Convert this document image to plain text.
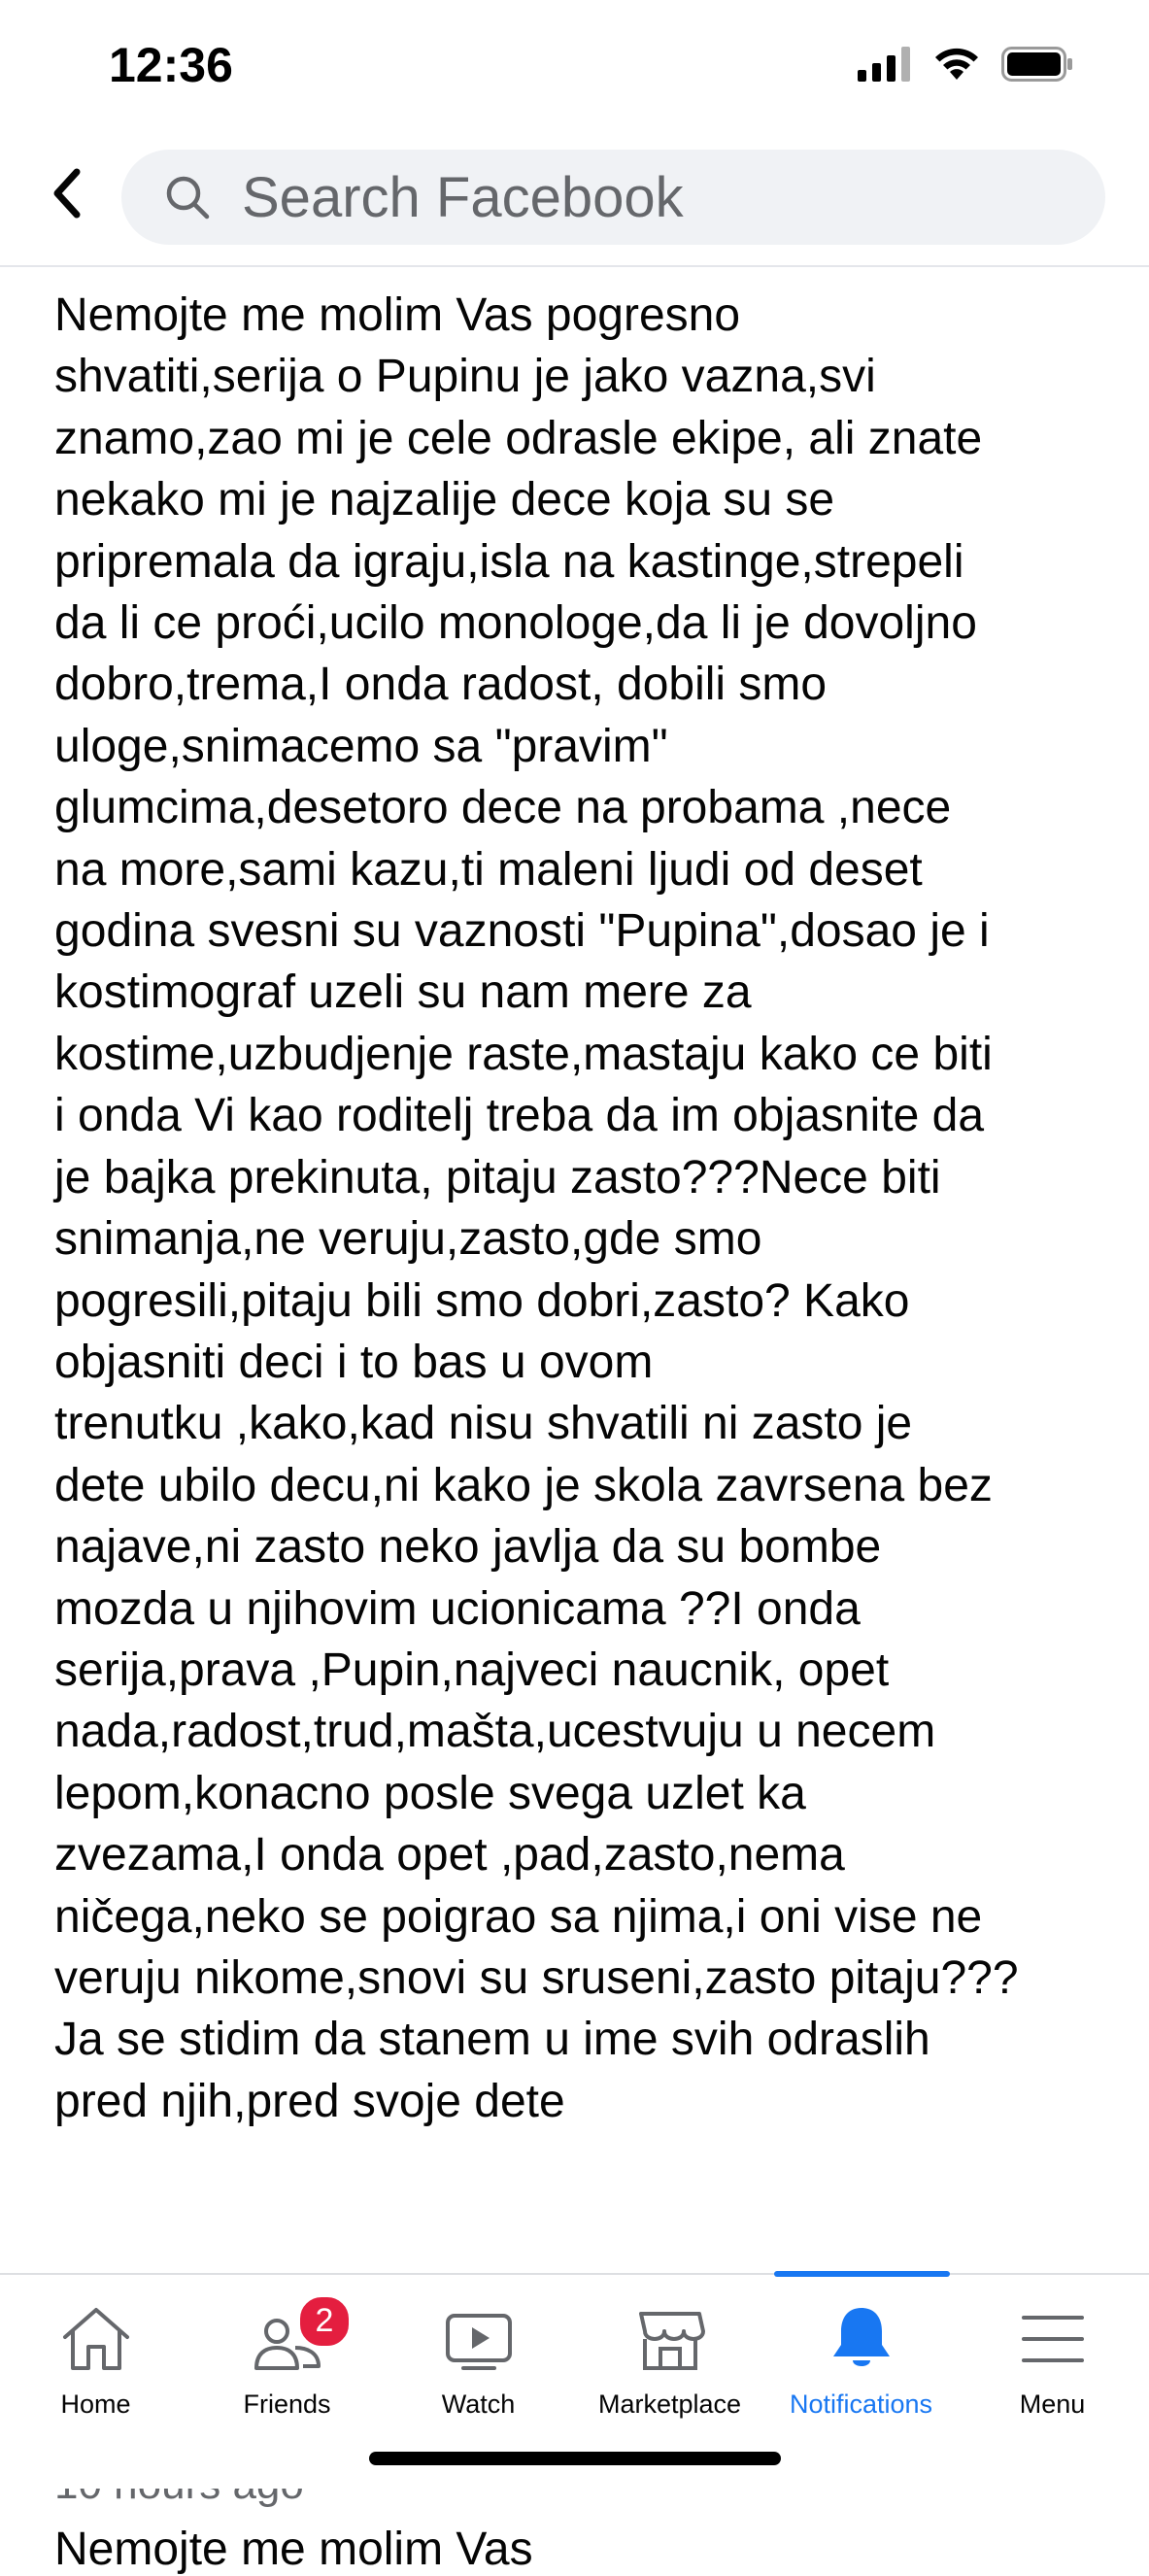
12:36
Search Facebook
Nemojte me molim Vas pogresno
shvatiti,serija o Pupinu je jako vazna,svi
znamo,zao mi je cele odrasle ekipe, ali znate
nekako mi je najzalije dece koja su se
pripremala da igraju,isla na kastinge,strepeli
da li ce proći,ucilo monologe,da li je dovoljno
dobro,trema,I onda radost, dobili smo
uloge,snimacemo sa "pravim"
glumcima,desetoro dece na probama ,nece
na more,sami kazu,ti maleni ljudi od deset
godina svesni su vaznosti "Pupina",dosao je i
kostimograf uzeli su nam mere za
kostime,uzbudjenje raste,mastaju kako ce biti
i onda Vi kao roditelj treba da im objasnite da
je bajka prekinuta, pitaju zasto???Nece biti
snimanja,ne veruju,zasto,gde smo
pogresili,pitaju bili smo dobri,zasto? Kako
objasniti deci i to bas u ovom
trenutku ,kako,kad nisu shvatili ni zasto je
dete ubilo decu,ni kako je skola zavrsena bez
najave,ni zasto neko javlja da su bombe
mozda u njihovim ucionicama ??I onda
serija,prava ,Pupin,najveci naucnik, opet
nada,radost,trud,mašta,ucestvuju u necem
lepom,konacno posle svega uzlet ka
zvezama,I onda opet ,pad,zasto,nema
ničega,neko se poigrao sa njima,i oni vise ne
veruju nikome,snovi su sruseni,zasto pitaju???
Ja se stidim da stanem u ime svih odraslih
pred njih,pred svoje dete
Nemojte me molim Vas
Home
2
Friends	Watch	Marketplace	Notifications	Menu
